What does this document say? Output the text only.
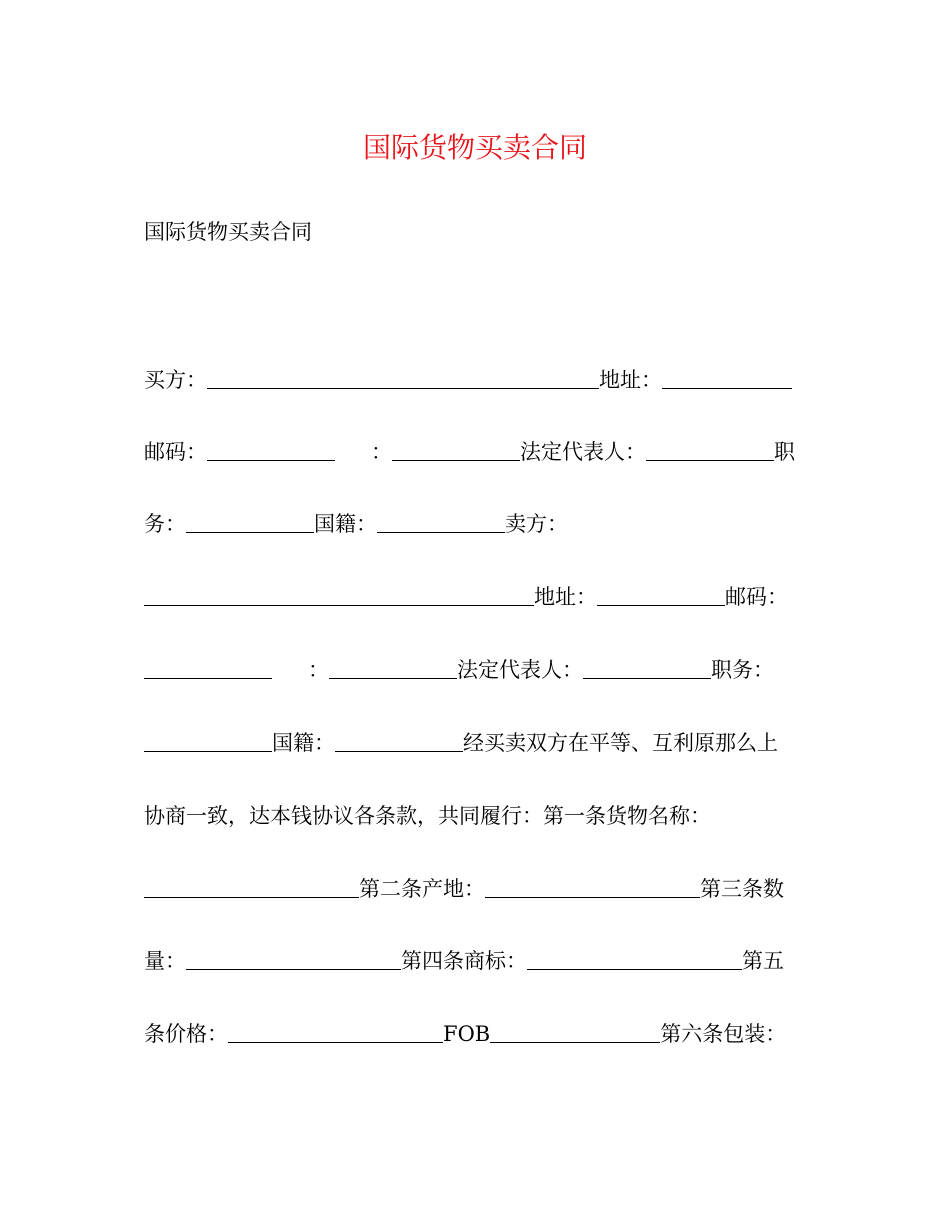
国际货物买卖合同

国际货物买卖合同

买方：	地址：
邮码：	：	法定代表人：	职
务：	国籍：	卖方：
地址：	邮码：
：	法定代表人：	职务：
国籍：	经买卖双方在平等、互利原那么上
协商一致，达本钱协议各条款，共同履行：第一条货物名称：
第二条产地：	第三条数
量：	第四条商标：	第五
条价格：	FOB	第六条包装：
